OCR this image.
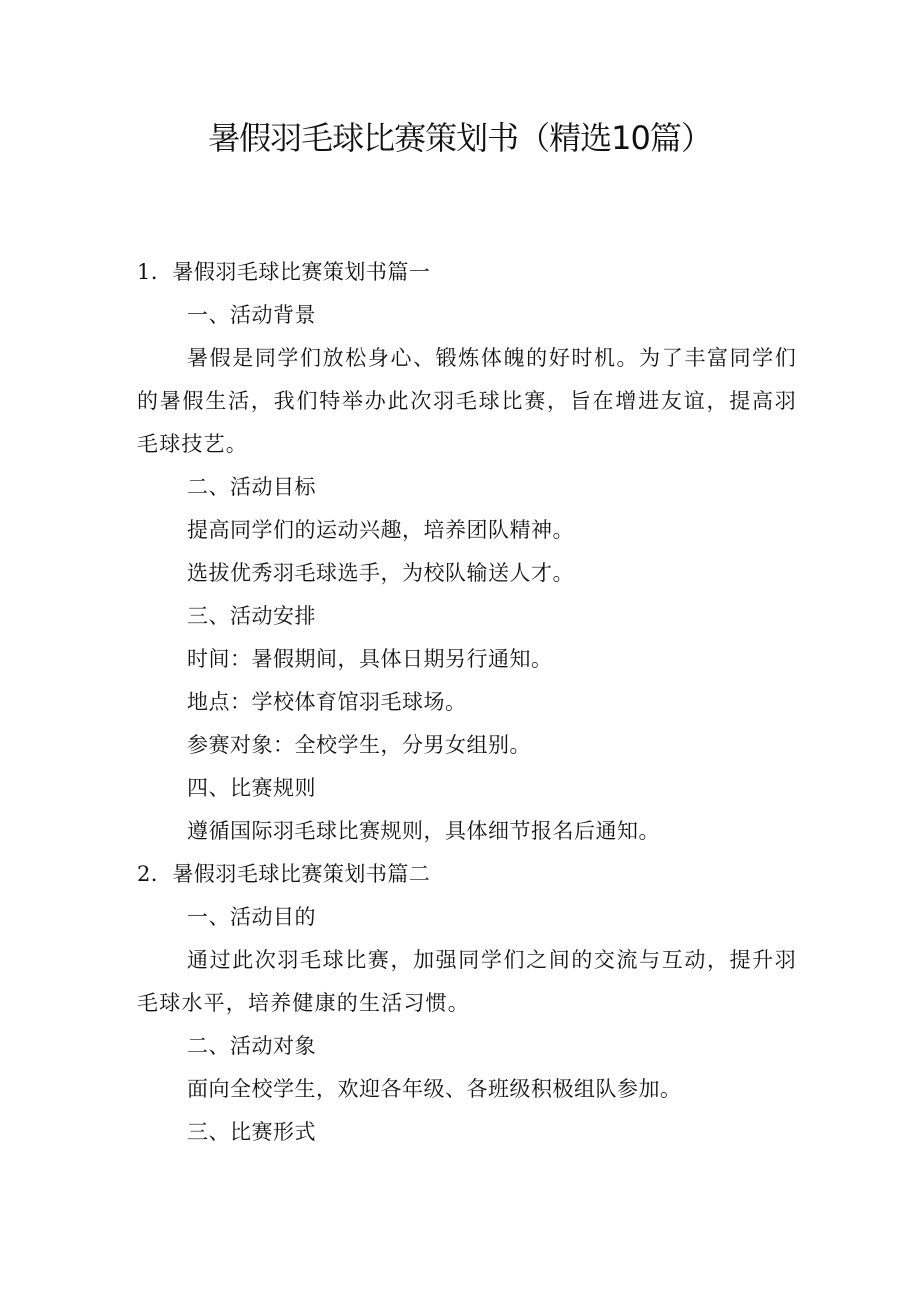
暑假羽毛球比赛策划书（精选10篇）
1．暑假羽毛球比赛策划书篇一
一、活动背景
暑假是同学们放松身心、锻炼体魄的好时机。为了丰富同学们的暑假生活，我们特举办此次羽毛球比赛，旨在增进友谊，提高羽毛球技艺。
二、活动目标
提高同学们的运动兴趣，培养团队精神。
选拔优秀羽毛球选手，为校队输送人才。
三、活动安排
时间：暑假期间，具体日期另行通知。
地点：学校体育馆羽毛球场。
参赛对象：全校学生，分男女组别。
四、比赛规则
遵循国际羽毛球比赛规则，具体细节报名后通知。
2．暑假羽毛球比赛策划书篇二
一、活动目的
通过此次羽毛球比赛，加强同学们之间的交流与互动，提升羽毛球水平，培养健康的生活习惯。
二、活动对象
面向全校学生，欢迎各年级、各班级积极组队参加。
三、比赛形式
